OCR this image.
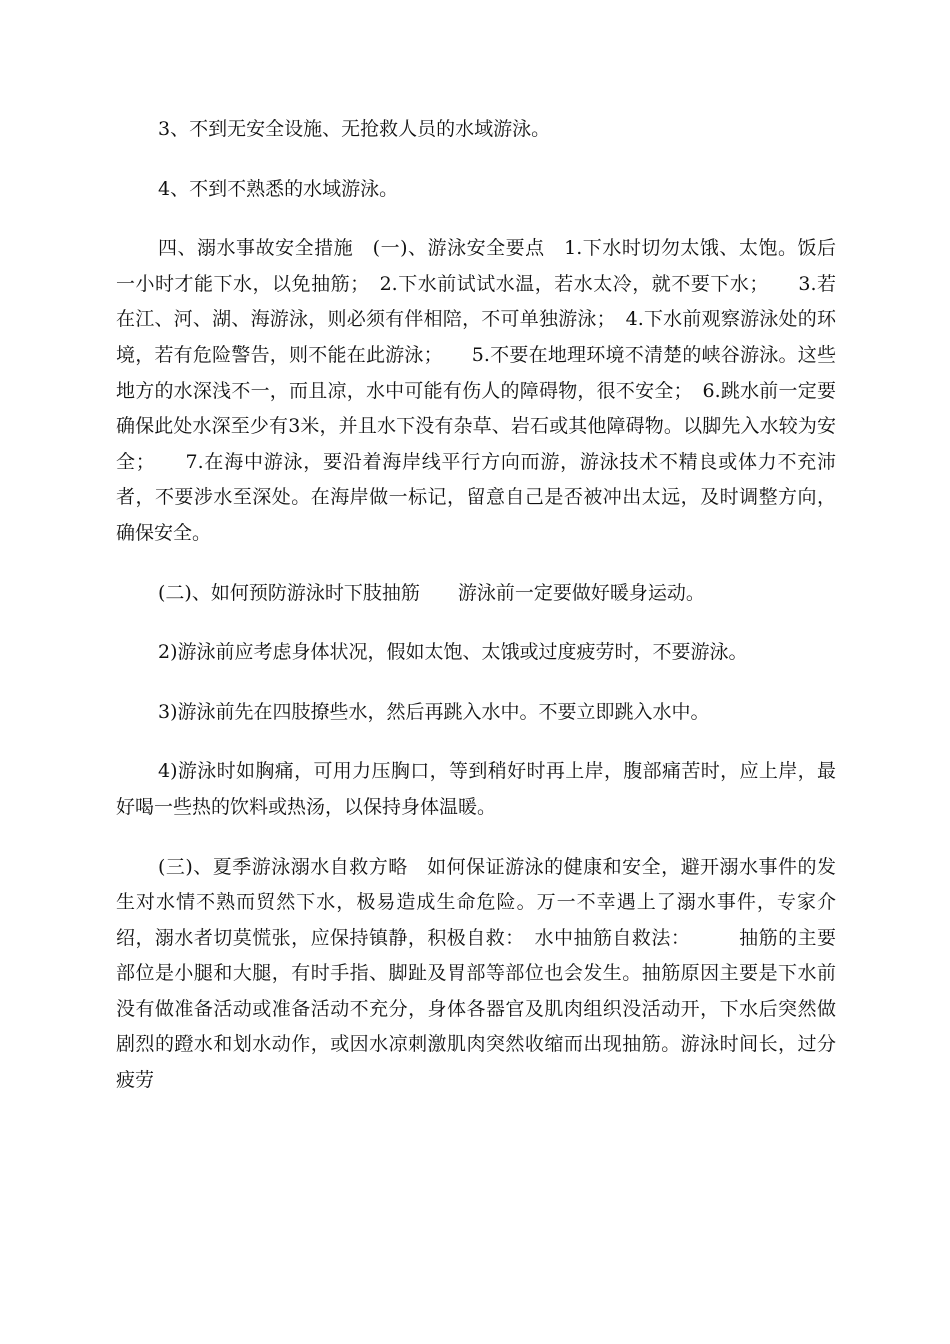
3、不到无安全设施、无抢救人员的水域游泳。

4、不到不熟悉的水域游泳。

四、溺水事故安全措施　(一)、游泳安全要点　1.下水时切勿太饿、太饱。饭后一小时才能下水，以免抽筋；　2.下水前试试水温，若水太冷，就不要下水；　　3.若在江、河、湖、海游泳，则必须有伴相陪，不可单独游泳；　4.下水前观察游泳处的环境，若有危险警告，则不能在此游泳；　　5.不要在地理环境不清楚的峡谷游泳。这些地方的水深浅不一，而且凉，水中可能有伤人的障碍物，很不安全；　6.跳水前一定要确保此处水深至少有3米，并且水下没有杂草、岩石或其他障碍物。以脚先入水较为安全；　　7.在海中游泳，要沿着海岸线平行方向而游，游泳技术不精良或体力不充沛者，不要涉水至深处。在海岸做一标记，留意自己是否被冲出太远，及时调整方向，确保安全。

(二)、如何预防游泳时下肢抽筋　　游泳前一定要做好暖身运动。

2)游泳前应考虑身体状况，假如太饱、太饿或过度疲劳时，不要游泳。

3)游泳前先在四肢撩些水，然后再跳入水中。不要立即跳入水中。

4)游泳时如胸痛，可用力压胸口，等到稍好时再上岸，腹部痛苦时，应上岸，最好喝一些热的饮料或热汤，以保持身体温暖。

(三)、夏季游泳溺水自救方略　如何保证游泳的健康和安全，避开溺水事件的发生对水情不熟而贸然下水，极易造成生命危险。万一不幸遇上了溺水事件，专家介绍，溺水者切莫慌张，应保持镇静，积极自救：　水中抽筋自救法：　　　抽筋的主要部位是小腿和大腿，有时手指、脚趾及胃部等部位也会发生。抽筋原因主要是下水前没有做准备活动或准备活动不充分，身体各器官及肌肉组织没活动开，下水后突然做剧烈的蹬水和划水动作，或因水凉刺激肌肉突然收缩而出现抽筋。游泳时间长，过分疲劳
